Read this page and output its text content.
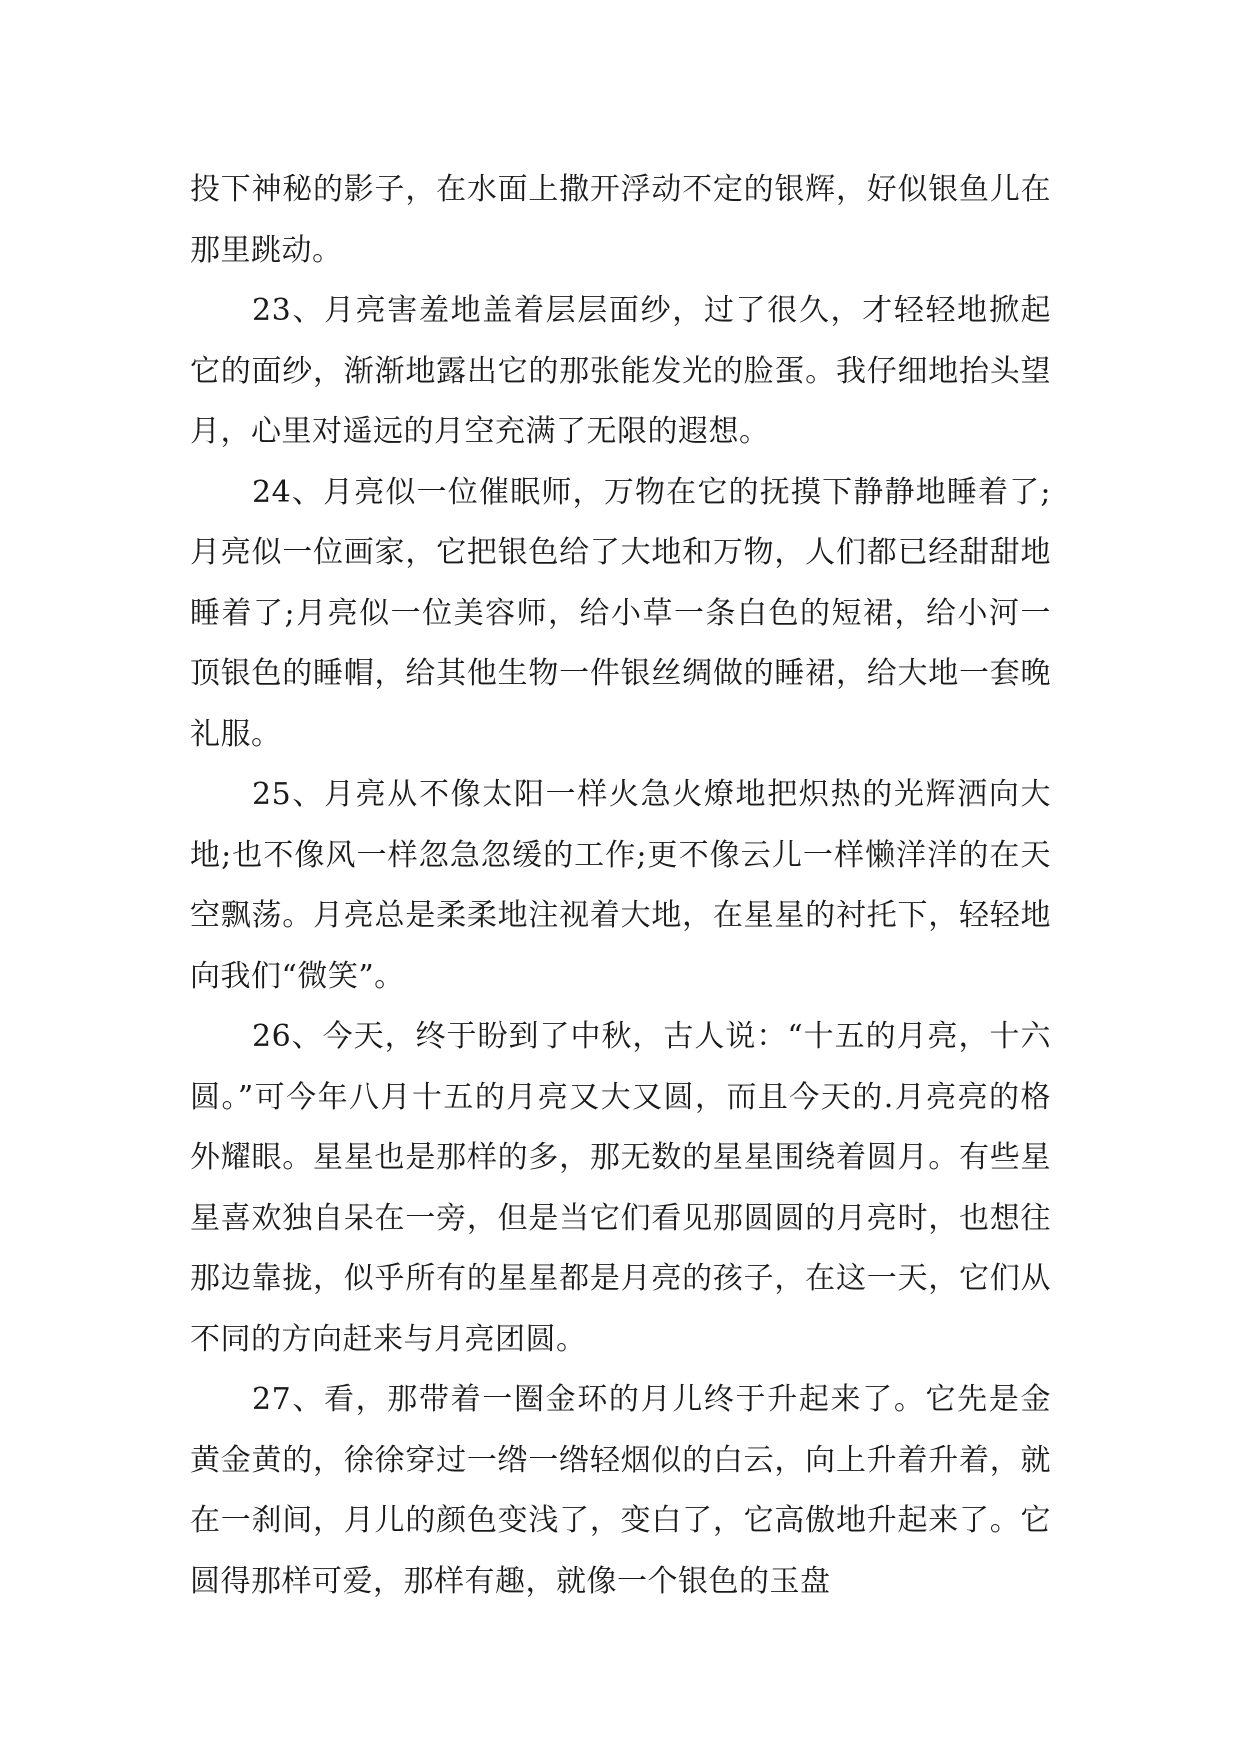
投下神秘的影子，在水面上撒开浮动不定的银辉，好似银鱼儿在那里跳动。

23、月亮害羞地盖着层层面纱，过了很久，才轻轻地掀起它的面纱，渐渐地露出它的那张能发光的脸蛋。我仔细地抬头望月，心里对遥远的月空充满了无限的遐想。

24、月亮似一位催眠师，万物在它的抚摸下静静地睡着了;月亮似一位画家，它把银色给了大地和万物，人们都已经甜甜地睡着了;月亮似一位美容师，给小草一条白色的短裙，给小河一顶银色的睡帽，给其他生物一件银丝绸做的睡裙，给大地一套晚礼服。

25、月亮从不像太阳一样火急火燎地把炽热的光辉洒向大地;也不像风一样忽急忽缓的工作;更不像云儿一样懒洋洋的在天空飘荡。月亮总是柔柔地注视着大地，在星星的衬托下，轻轻地向我们“微笑”。

26、今天，终于盼到了中秋，古人说：“十五的月亮，十六圆。”可今年八月十五的月亮又大又圆，而且今天的.月亮亮的格外耀眼。星星也是那样的多，那无数的星星围绕着圆月。有些星星喜欢独自呆在一旁，但是当它们看见那圆圆的月亮时，也想往那边靠拢，似乎所有的星星都是月亮的孩子，在这一天，它们从不同的方向赶来与月亮团圆。

27、看，那带着一圈金环的月儿终于升起来了。它先是金黄金黄的，徐徐穿过一绺一绺轻烟似的白云，向上升着升着，就在一刹间，月儿的颜色变浅了，变白了，它高傲地升起来了。它圆得那样可爱，那样有趣，就像一个银色的玉盘
